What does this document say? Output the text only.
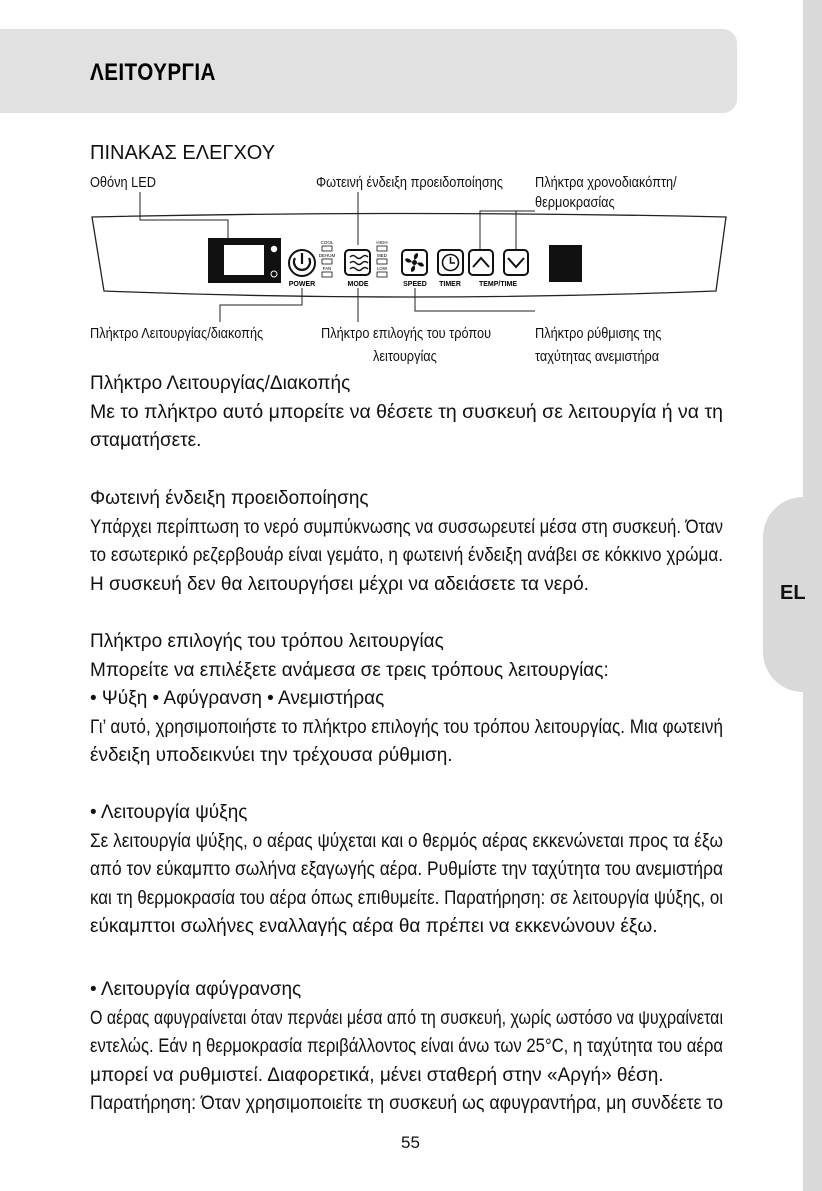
EL
ΛΕΙΤΟΥΡΓΙΑ
ΠΙΝΑΚΑΣ ΕΛΕΓΧΟΥ
POWER
COOL
DEHUM
FAN
HIGH
MED
LOW
MODE	SPEED TIMER	TEMP/TIME
Οθόνη LED	Φωτεινή ένδειξη προειδοποίησης Πλήκτρα χρονοδιακόπτη/
θερμοκρασίας
Πλήκτρο Λειτουργίας/διακοπής	Πλήκτρο επιλογής του τρόπου
λειτουργίας
Πλήκτρο ρύθμισης της
ταχύτητας ανεμιστήρα

Πλήκτρο Λειτουργίας/Διακοπής

Με το πλήκτρο αυτό μπορείτε να θέσετε τη συσκευή σε λειτουργία ή να τη

σταματήσετε.

Φωτεινή ένδειξη προειδοποίησης

Υπάρχει περίπτωση το νερό συμπύκνωσης να συσσωρευτεί μέσα στη συσκευή. Όταν

το εσωτερικό ρεζερβουάρ είναι γεμάτο, η φωτεινή ένδειξη ανάβει σε κόκκινο χρώμα.

Η συσκευή δεν θα λειτουργήσει μέχρι να αδειάσετε τα νερό.

Πλήκτρο επιλογής του τρόπου λειτουργίας

Μπορείτε να επιλέξετε ανάμεσα σε τρεις τρόπους λειτουργίας:

• Ψύξη • Αφύγρανση • Ανεμιστήρας

Γι’ αυτό, χρησιμοποιήστε το πλήκτρο επιλογής του τρόπου λειτουργίας. Μια φωτεινή

ένδειξη υποδεικνύει την τρέχουσα ρύθμιση.

• Λειτουργία ψύξης

Σε λειτουργία ψύξης, ο αέρας ψύχεται και ο θερμός αέρας εκκενώνεται προς τα έξω

από τον εύκαμπτο σωλήνα εξαγωγής αέρα. Ρυθμίστε την ταχύτητα του ανεμιστήρα

και τη θερμοκρασία του αέρα όπως επιθυμείτε. Παρατήρηση: σε λειτουργία ψύξης, οι

εύκαμπτοι σωλήνες εναλλαγής αέρα θα πρέπει να εκκενώνουν έξω.

• Λειτουργία αφύγρανσης

Ο αέρας αφυγραίνεται όταν περνάει μέσα από τη συσκευή, χωρίς ωστόσο να ψυχραίνεται

εντελώς. Εάν η θερμοκρασία περιβάλλοντος είναι άνω των 25°C, η ταχύτητα του αέρα

μπορεί να ρυθμιστεί. Διαφορετικά, μένει σταθερή στην «Αργή» θέση.

Παρατήρηση: Όταν χρησιμοποιείτε τη συσκευή ως αφυγραντήρα, μη συνδέετε το

55
